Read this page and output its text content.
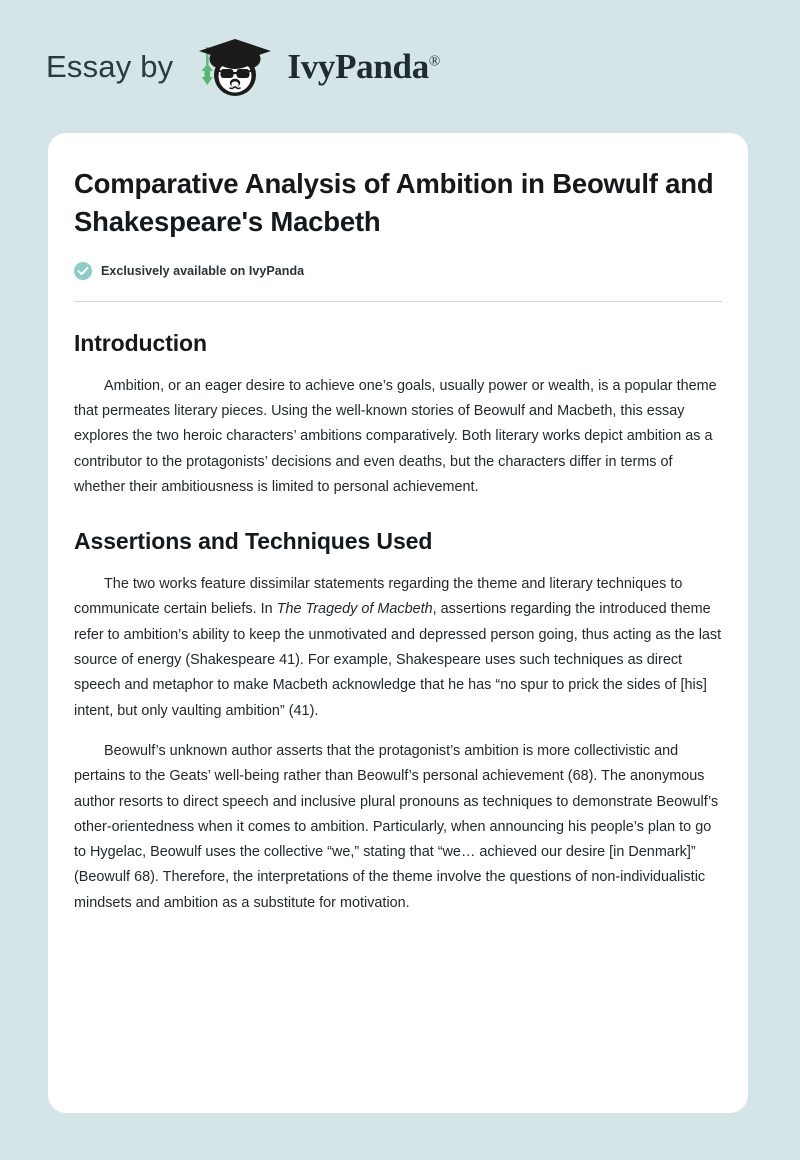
Essay by	IvyPanda®
Comparative Analysis of Ambition in Beowulf and Shakespeare's Macbeth
Exclusively available on IvyPanda
Introduction

Ambition, or an eager desire to achieve one’s goals, usually power or wealth, is a popular theme that permeates literary pieces. Using the well-known stories of Beowulf and Macbeth, this essay explores the two heroic characters’ ambitions comparatively. Both literary works depict ambition as a contributor to the protagonists’ decisions and even deaths, but the characters differ in terms of whether their ambitiousness is limited to personal achievement.

Assertions and Techniques Used

The two works feature dissimilar statements regarding the theme and literary techniques to communicate certain beliefs. In The Tragedy of Macbeth, assertions regarding the introduced theme refer to ambition’s ability to keep the unmotivated and depressed person going, thus acting as the last source of energy (Shakespeare 41). For example, Shakespeare uses such techniques as direct speech and metaphor to make Macbeth acknowledge that he has “no spur to prick the sides of [his] intent, but only vaulting ambition” (41).

Beowulf’s unknown author asserts that the protagonist’s ambition is more collectivistic and pertains to the Geats’ well-being rather than Beowulf’s personal achievement (68). The anonymous author resorts to direct speech and inclusive plural pronouns as techniques to demonstrate Beowulf’s other-orientedness when it comes to ambition. Particularly, when announcing his people’s plan to go to Hygelac, Beowulf uses the collective “we,” stating that “we… achieved our desire [in Denmark]” (Beowulf 68). Therefore, the interpretations of the theme involve the questions of non-individualistic mindsets and ambition as a substitute for motivation.
